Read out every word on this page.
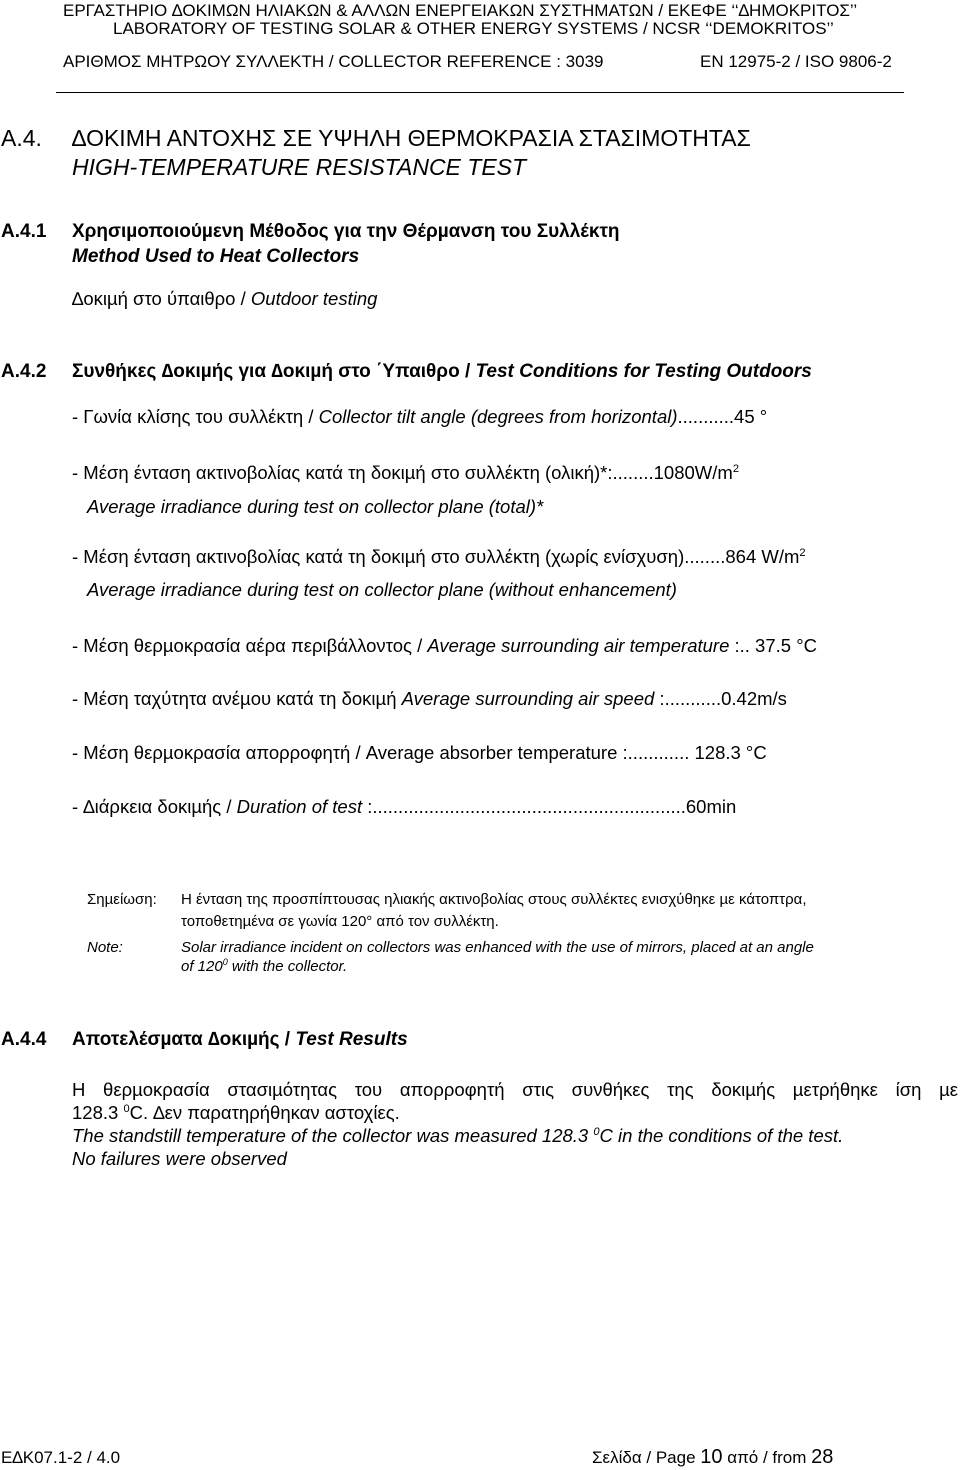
ΕΡΓΑΣΤΗΡΙΟ ∆ΟΚΙΜΩΝ ΗΛΙΑΚΩΝ & ΑΛΛΩΝ ΕΝΕΡΓΕΙΑΚΩΝ ΣΥΣΤΗΜΑΤΩΝ / ΕΚΕΦΕ ‘‘∆ΗΜΟΚΡΙΤΟΣ’’
LABORATORY OF TESTING SOLAR & OTHER ENERGY SYSTEMS / NCSR ‘‘DEMOKRITOS’’
ΑΡΙΘΜΟΣ ΜΗΤΡΩΟΥ ΣΥΛΛΕΚΤΗ / COLLECTOR REFERENCE : 3039	EN 12975-2 / ISO 9806-2
A.4. ∆ΟΚΙΜΗ ΑΝΤΟΧΗΣ ΣΕ ΥΨΗΛΗ ΘΕΡΜΟΚΡΑΣΙΑ ΣΤΑΣΙΜΟΤΗΤΑΣ
HIGH-TEMPERATURE RESISTANCE TEST
A.4.1 Χρησιµοποιούµενη Μέθοδος για την Θέρµανση του Συλλέκτη
Method Used to Heat Collectors
∆οκιµή στο ύπαιθρο / Outdoor testing
A.4.2 Συνθήκες ∆οκιµής για ∆οκιµή στο ΄Υπαιθρο / Test Conditions for Testing Outdoors
- Γωνία κλίσης του συλλέκτη / Collector tilt angle (degrees from horizontal)...........45 °
- Μέση ένταση ακτινοβολίας κατά τη δοκιµή στο συλλέκτη $(o\lambda\iota\kappa ή)*:........1080W/m^2$
Average irradiance during test on collector plane (total)*
- Μέση ένταση ακτινοβολίας κατά τη δοκιµή στο συλλέκτη (χωρίς ενίσχυση)........864 $W/m^2$
Average irradiance during test on collector plane (without enhancement)
- Μέση θερµοκρασία αέρα περιβάλλοντος / Average surrounding air temperature :.. 37.5 °C
- Μέση ταχύτητα ανέµου κατά τη δοκιµή Average surrounding air speed :...........0.42m/s
- Μέση θερµοκρασία απορροφητή / Average absorber temperature :............ 128.3 °C
- ∆ιάρκεια δοκιµής / Duration of test :.............................................................60min
Σηµείωση: Η ένταση της προσπίπτουσας ηλιακής ακτινοβολίας στους συλλέκτες ενισχύθηκε µε κάτοπτρα,
τοποθετηµένα σε γωνία 120° από τον συλλέκτη.
Note:	Solar irradiance incident on collectors was enhanced with the use of mirrors, placed at an angle
of $120^0$ with the collector.
A.4.4 Αποτελέσµατα ∆οκιµής / Test Results

Η θερµοκρασία στασιµότητας του απορροφητή στις συνθήκες της δοκιµής µετρήθηκε ίση µε

128.3 $^0$C. ∆εν παρατηρήθηκαν αστοχίες.

The standstill temperature of the collector was measured 128.3 $^0$C in the conditions of the test.

No failures were observed

E∆K07.1-2 / 4.0	Σελίδα / Page 10 από / from 28
